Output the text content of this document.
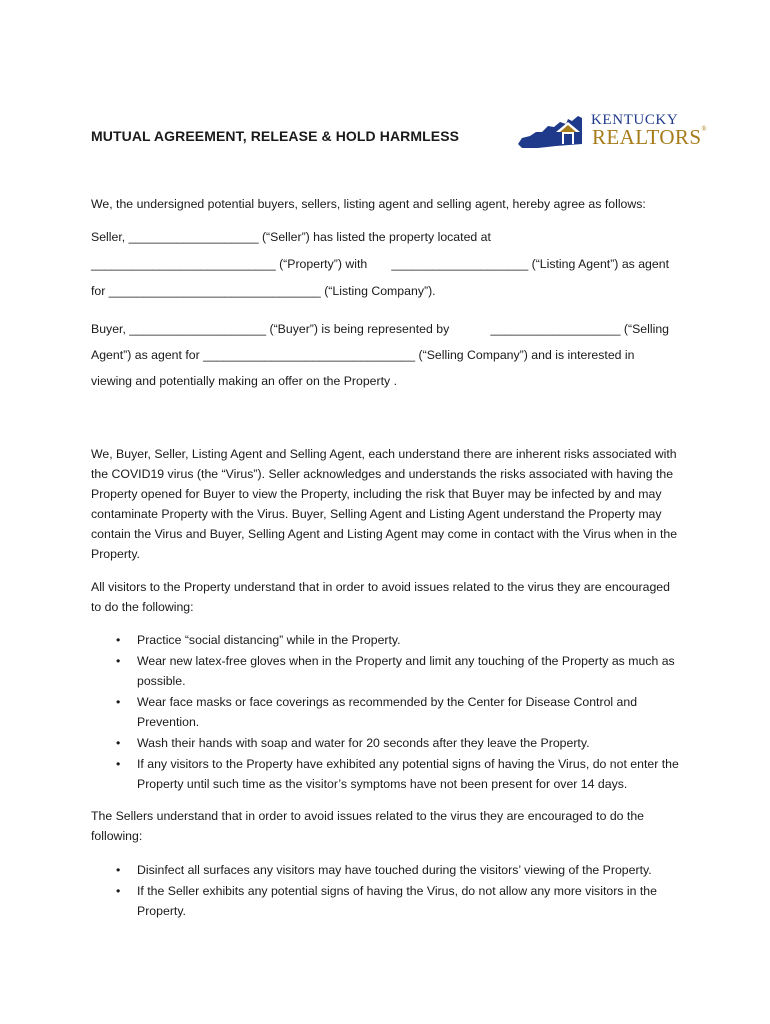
MUTUAL AGREEMENT, RELEASE & HOLD HARMLESS
KENTUCKY
REALTORS®

We, the undersigned potential buyers, sellers, listing agent and selling agent, hereby agree as follows:

Seller, ___________________ (“Seller”) has listed the property located at

___________________________ (“Property”) with ____________________ (“Listing Agent”) as agent

for _______________________________ (“Listing Company”).

Buyer, ____________________ (“Buyer”) is being represented by	___________________ (“Selling

Agent”) as agent for _______________________________ (“Selling Company”) and is interested in

viewing and potentially making an offer on the Property .

We, Buyer, Seller, Listing Agent and Selling Agent, each understand there are inherent risks associated with the COVID19 virus (the “Virus”). Seller acknowledges and understands the risks associated with having the Property opened for Buyer to view the Property, including the risk that Buyer may be infected by and may contaminate Property with the Virus. Buyer, Selling Agent and Listing Agent understand the Property may contain the Virus and Buyer, Selling Agent and Listing Agent may come in contact with the Virus when in the Property.

All visitors to the Property understand that in order to avoid issues related to the virus they are encouraged to do the following:

• Practice “social distancing” while in the Property.
• Wear new latex-free gloves when in the Property and limit any touching of the Property as much as possible.
• Wear face masks or face coverings as recommended by the Center for Disease Control and Prevention.
• Wash their hands with soap and water for 20 seconds after they leave the Property.
• If any visitors to the Property have exhibited any potential signs of having the Virus, do not enter the Property until such time as the visitor’s symptoms have not been present for over 14 days.

The Sellers understand that in order to avoid issues related to the virus they are encouraged to do the following:

• Disinfect all surfaces any visitors may have touched during the visitors’ viewing of the Property.
• If the Seller exhibits any potential signs of having the Virus, do not allow any more visitors in the Property.
